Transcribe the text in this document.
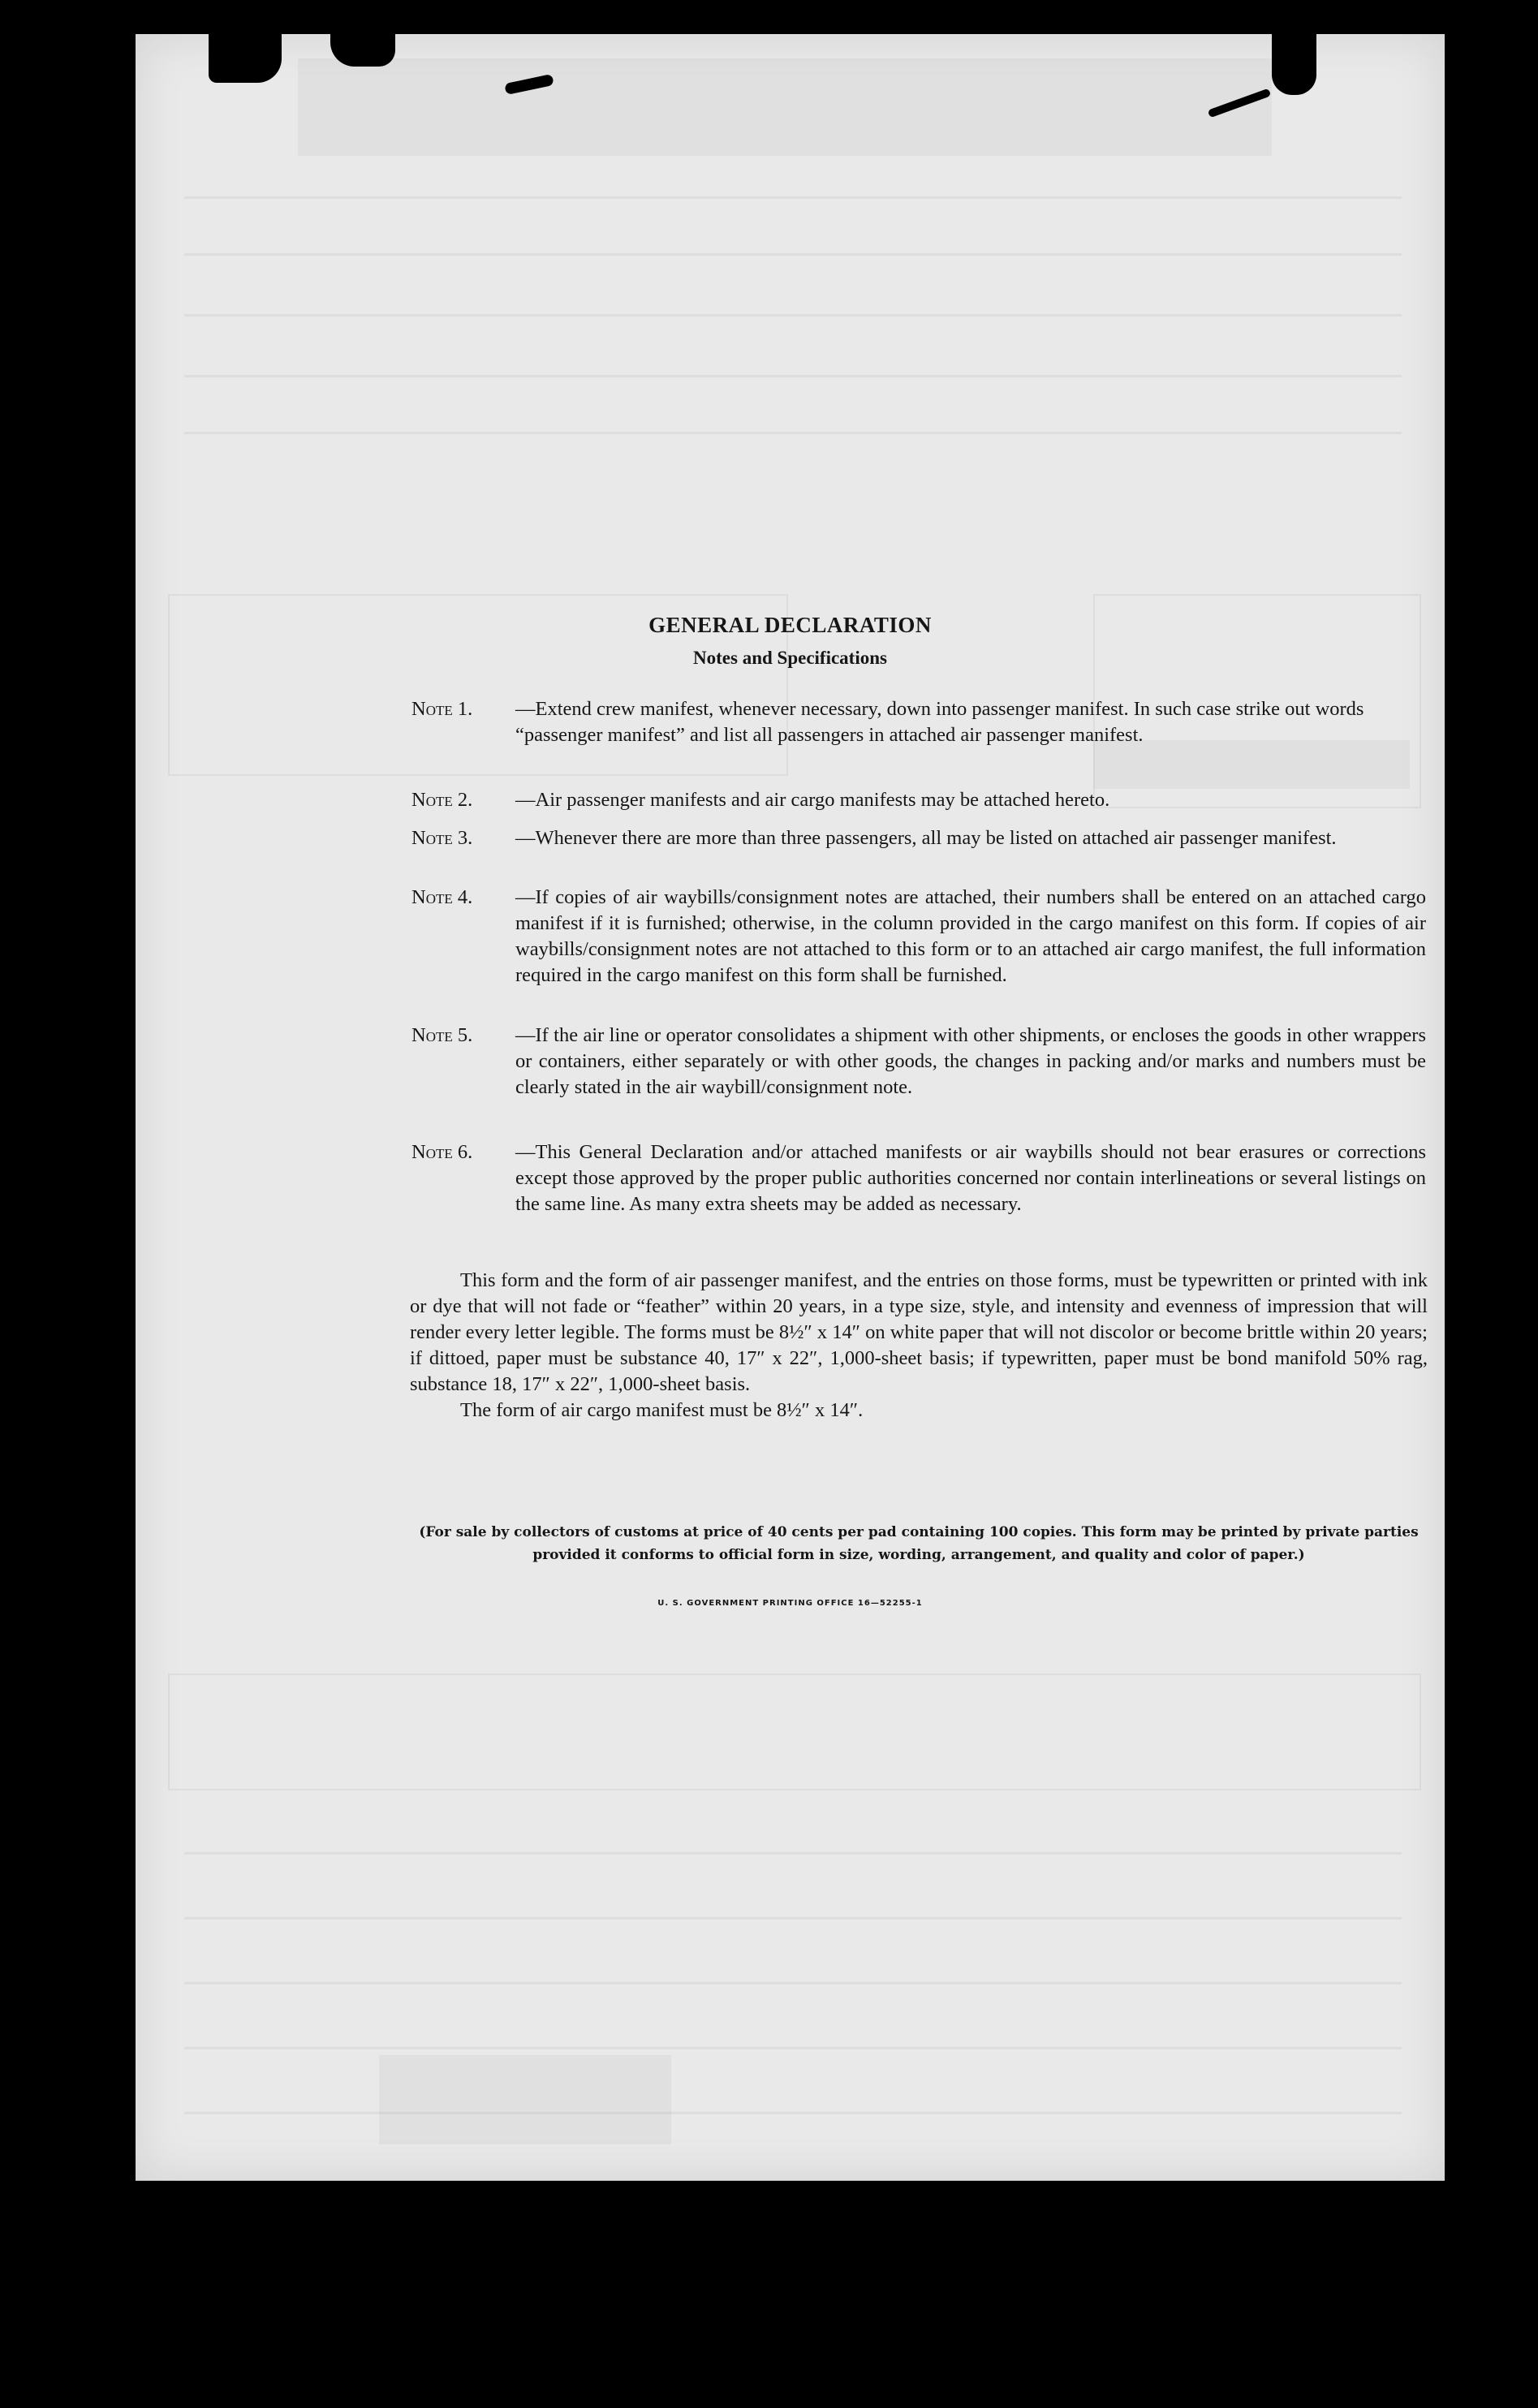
GENERAL DECLARATION
Notes and Specifications
Note 1.	—Extend crew manifest, whenever necessary, down into passenger manifest. In such case strike out words “passenger manifest” and list all passengers in attached air passenger manifest.
Note 2.	—Air passenger manifests and air cargo manifests may be attached hereto.
Note 3.	—Whenever there are more than three passengers, all may be listed on attached air passenger manifest.
Note 4.	—If copies of air waybills/consignment notes are attached, their numbers shall be entered on an attached cargo manifest if it is furnished; otherwise, in the column provided in the cargo manifest on this form. If copies of air waybills/consignment notes are not attached to this form or to an attached air cargo manifest, the full information required in the cargo manifest on this form shall be furnished.
Note 5.	—If the air line or operator consolidates a shipment with other shipments, or encloses the goods in other wrappers or containers, either separately or with other goods, the changes in packing and/or marks and numbers must be clearly stated in the air waybill/consignment note.
Note 6.	—This General Declaration and/or attached manifests or air waybills should not bear erasures or corrections except those approved by the proper public authorities concerned nor contain interlineations or several listings on the same line. As many extra sheets may be added as necessary.

This form and the form of air passenger manifest, and the entries on those forms, must be typewritten or printed with ink or dye that will not fade or “feather” within 20 years, in a type size, style, and intensity and evenness of impression that will render every letter legible. The forms must be 8½″ x 14″ on white paper that will not discolor or become brittle within 20 years; if dittoed, paper must be substance 40, 17″ x 22″, 1,000-sheet basis; if typewritten, paper must be bond manifold 50% rag, substance 18, 17″ x 22″, 1,000-sheet basis.

The form of air cargo manifest must be 8½″ x 14″.

(For sale by collectors of customs at price of 40 cents per pad containing 100 copies. This form may be printed by private parties provided it conforms to official form in size, wording, arrangement, and quality and color of paper.)
U. S. GOVERNMENT PRINTING OFFICE 16—52255-1
